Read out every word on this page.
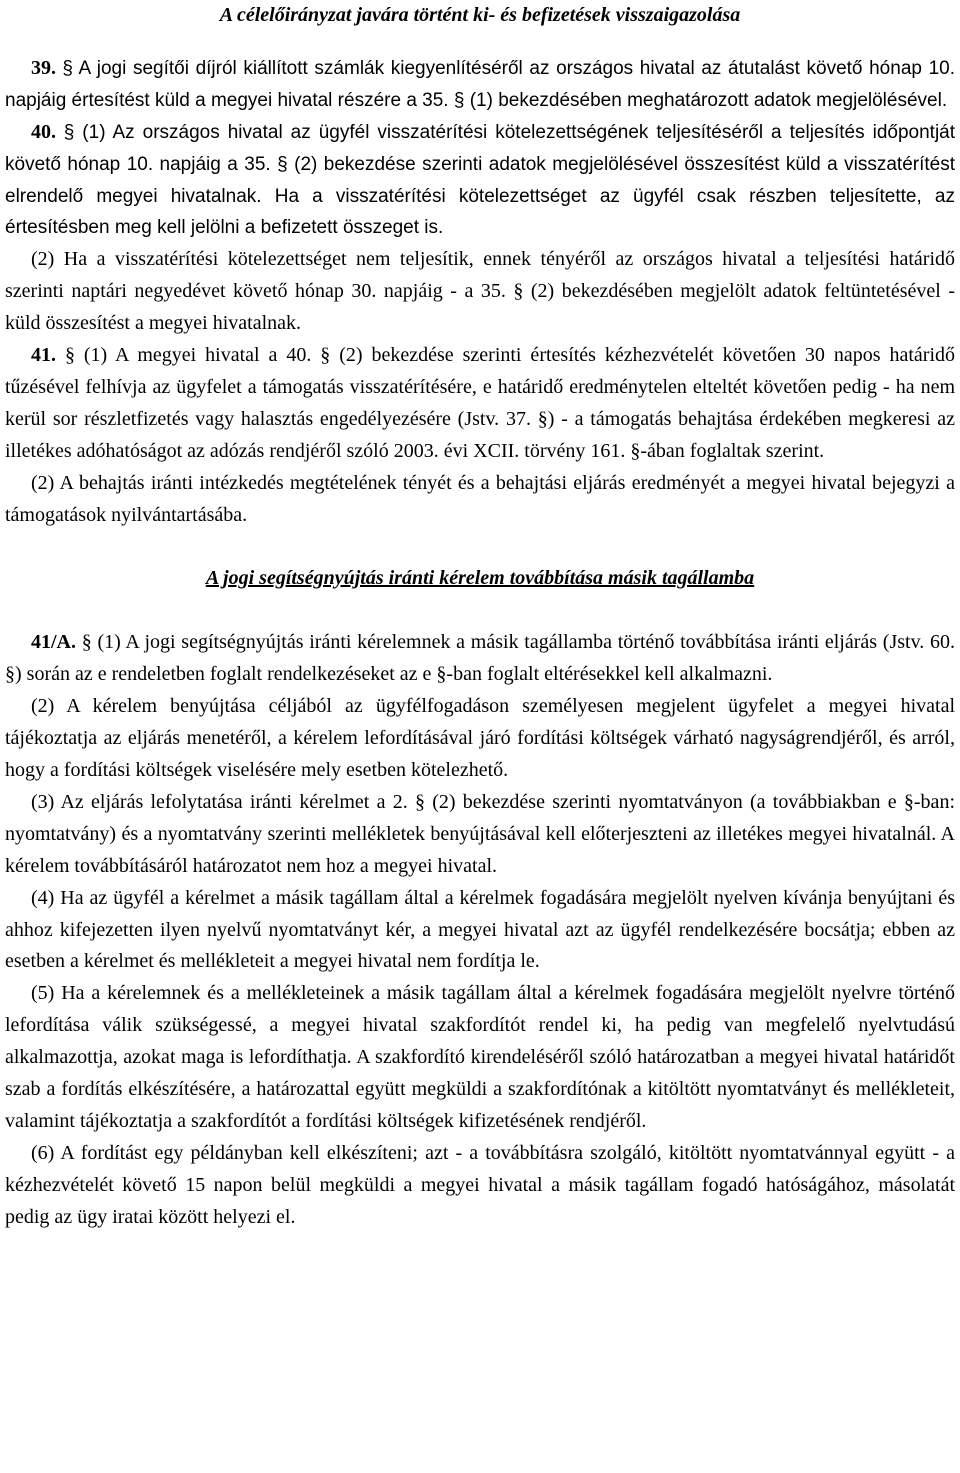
A célelőirányzat javára történt ki- és befizetések visszaigazolása

39. § A jogi segítői díjról kiállított számlák kiegyenlítéséről az országos hivatal az átutalást követő hónap 10. napjáig értesítést küld a megyei hivatal részére a 35. § (1) bekezdésében meghatározott adatok megjelölésével.

40. § (1) Az országos hivatal az ügyfél visszatérítési kötelezettségének teljesítéséről a teljesítés időpontját követő hónap 10. napjáig a 35. § (2) bekezdése szerinti adatok megjelölésével összesítést küld a visszatérítést elrendelő megyei hivatalnak. Ha a visszatérítési kötelezettséget az ügyfél csak részben teljesítette, az értesítésben meg kell jelölni a befizetett összeget is.

(2) Ha a visszatérítési kötelezettséget nem teljesítik, ennek tényéről az országos hivatal a teljesítési határidő szerinti naptári negyedévet követő hónap 30. napjáig - a 35. § (2) bekezdésében megjelölt adatok feltüntetésével - küld összesítést a megyei hivatalnak.

41. § (1) A megyei hivatal a 40. § (2) bekezdése szerinti értesítés kézhezvételét követően 30 napos határidő tűzésével felhívja az ügyfelet a támogatás visszatérítésére, e határidő eredménytelen elteltét követően pedig - ha nem kerül sor részletfizetés vagy halasztás engedélyezésére (Jstv. 37. §) - a támogatás behajtása érdekében megkeresi az illetékes adóhatóságot az adózás rendjéről szóló 2003. évi XCII. törvény 161. §-ában foglaltak szerint.

(2) A behajtás iránti intézkedés megtételének tényét és a behajtási eljárás eredményét a megyei hivatal bejegyzi a támogatások nyilvántartásába.

A jogi segítségnyújtás iránti kérelem továbbítása másik tagállamba

41/A. § (1) A jogi segítségnyújtás iránti kérelemnek a másik tagállamba történő továbbítása iránti eljárás (Jstv. 60. §) során az e rendeletben foglalt rendelkezéseket az e §-ban foglalt eltérésekkel kell alkalmazni.

(2) A kérelem benyújtása céljából az ügyfélfogadáson személyesen megjelent ügyfelet a megyei hivatal tájékoztatja az eljárás menetéről, a kérelem lefordításával járó fordítási költségek várható nagyságrendjéről, és arról, hogy a fordítási költségek viselésére mely esetben kötelezhető.

(3) Az eljárás lefolytatása iránti kérelmet a 2. § (2) bekezdése szerinti nyomtatványon (a továbbiakban e §-ban: nyomtatvány) és a nyomtatvány szerinti mellékletek benyújtásával kell előterjeszteni az illetékes megyei hivatalnál. A kérelem továbbításáról határozatot nem hoz a megyei hivatal.

(4) Ha az ügyfél a kérelmet a másik tagállam által a kérelmek fogadására megjelölt nyelven kívánja benyújtani és ahhoz kifejezetten ilyen nyelvű nyomtatványt kér, a megyei hivatal azt az ügyfél rendelkezésére bocsátja; ebben az esetben a kérelmet és mellékleteit a megyei hivatal nem fordítja le.

(5) Ha a kérelemnek és a mellékleteinek a másik tagállam által a kérelmek fogadására megjelölt nyelvre történő lefordítása válik szükségessé, a megyei hivatal szakfordítót rendel ki, ha pedig van megfelelő nyelvtudású alkalmazottja, azokat maga is lefordíthatja. A szakfordító kirendeléséről szóló határozatban a megyei hivatal határidőt szab a fordítás elkészítésére, a határozattal együtt megküldi a szakfordítónak a kitöltött nyomtatványt és mellékleteit, valamint tájékoztatja a szakfordítót a fordítási költségek kifizetésének rendjéről.

(6) A fordítást egy példányban kell elkészíteni; azt - a továbbításra szolgáló, kitöltött nyomtatvánnyal együtt - a kézhezvételét követő 15 napon belül megküldi a megyei hivatal a másik tagállam fogadó hatóságához, másolatát pedig az ügy iratai között helyezi el.
